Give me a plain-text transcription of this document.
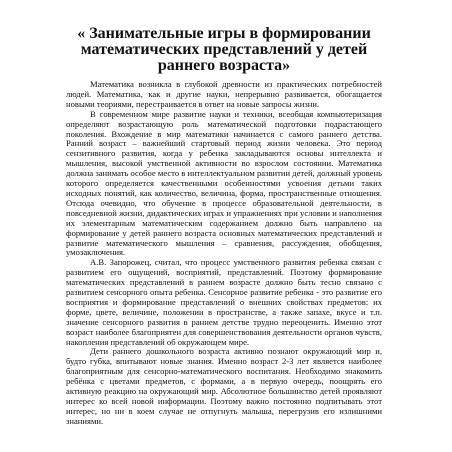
« Занимательные игры в формировании
математических представлений у детей
раннего возраста»

Математика возникла в глубокой древности из практических потребностей людей. Математика, как и другие науки, непрерывно развивается, обогащается новыми теориями, перестраивается в ответ на новые запросы жизни.

В современном мире развитие науки и техники, всеобщая компьютеризация определяют возрастающую роль математической подготовки подрастающего поколения. Вхождение в мир математики начинается с самого раннего детства. Ранний возраст – важнейший стартовый период жизни человека. Это период сензитивного развития, когда у ребенка закладываются основы интеллекта и мышления, высокой умственной активности во взрослом состоянии. Математика должна занимать особое место в интеллектуальном развитии детей, должный уровень которого определяется качественными особенностями усвоения детьми таких исходных понятий, как количество, величина, форма, пространственные отношения. Отсюда очевидно, что обучение в процессе образовательной деятельности, в повседневной жизни, дидактических играх и упражнениях при условии и наполнения их элементарным математическим содержанием должно быть направлено на формирование у детей раннего возраста основных математических представлений и развитие математического мышления – сравнения, рассуждения, обобщения, умозаключения.

А.В. Запорожец, считал, что процесс умственного развития ребенка связан с развитием его ощущений, восприятий, представлений. Поэтому формирование математических представлений в раннем возрасте должно быть тесно связано с развитием сенсорного опыта ребенка. Сенсорное развитие ребенка - это развитие его восприятия и формирование представлений о внешних свойствах предметов: их форме, цвете, величине, положении в пространстве, а также запахе, вкусе и т.п. значение сенсорного развития в раннем детстве трудно переоценить. Именно этот возраст наиболее благоприятен для совершенствования деятельности органов чувств, накопления представлений об окружающем мире.

Дети раннего дошкольного возраста активно познают окружающий мир и, будто губка, впитывают новые знания. Именно возраст 2-3 лет является наиболее благоприятным для сенсорно-математического воспитания. Необходимо знакомить ребёнка с цветами предметов, с формами, а в первую очередь, поощрять его активную реакцию на окружающий мир. Абсолютное большинство детей проявляют интерес ко всей новой информации. Поэтому важно постоянно подпитывать этот интерес, но ни в коем случае не отпугнуть малыша, перегрузив его излишними знаниями.
